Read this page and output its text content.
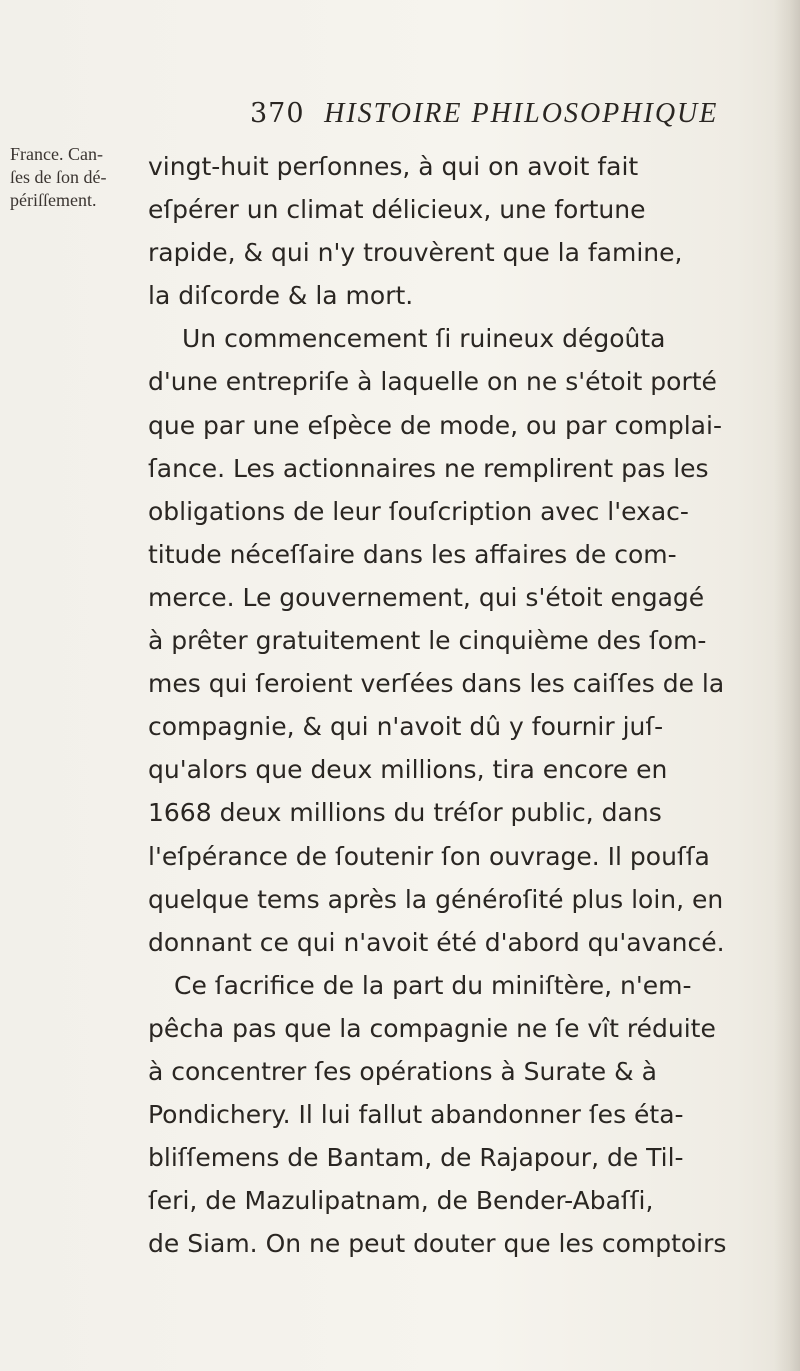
370 HISTOIRE PHILOSOPHIQUE
France. Can-
ſes de ſon dé-
périſſement.
vingt-huit perſonnes, à qui on avoit fait
eſpérer un climat délicieux, une fortune
rapide, & qui n'y trouvèrent que la famine,
la diſcorde & la mort.
Un commencement ſi ruineux dégoûta
d'une entrepriſe à laquelle on ne s'étoit porté
que par une eſpèce de mode, ou par complai-
ſance. Les actionnaires ne remplirent pas les
obligations de leur ſouſcription avec l'exac-
titude néceſſaire dans les affaires de com-
merce. Le gouvernement, qui s'étoit engagé
à prêter gratuitement le cinquième des ſom-
mes qui ſeroient verſées dans les caiſſes de la
compagnie, & qui n'avoit dû y fournir juſ-
qu'alors que deux millions, tira encore en
1668 deux millions du tréſor public, dans
l'eſpérance de ſoutenir ſon ouvrage. Il pouſſa
quelque tems après la généroſité plus loin, en
donnant ce qui n'avoit été d'abord qu'avancé.
Ce ſacrifice de la part du miniſtère, n'em-
pêcha pas que la compagnie ne ſe vît réduite
à concentrer ſes opérations à Surate & à
Pondichery. Il lui fallut abandonner ſes éta-
bliſſemens de Bantam, de Rajapour, de Til-
ſeri, de Mazulipatnam, de Bender-Abaſſi,
de Siam. On ne peut douter que les comptoirs
